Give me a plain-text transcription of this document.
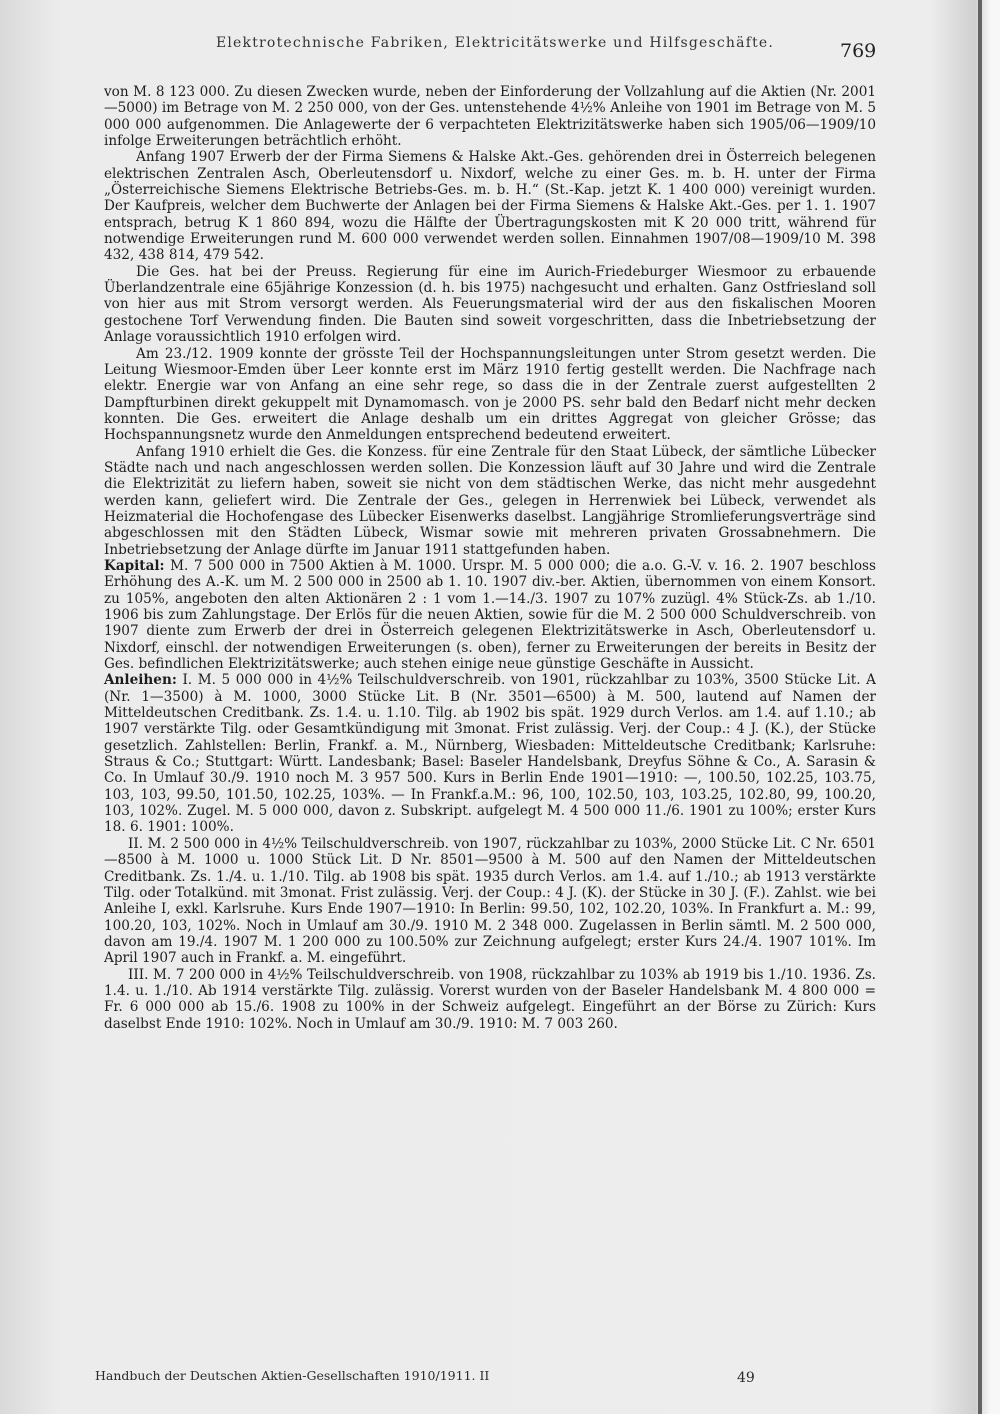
Elektrotechnische Fabriken, Elektricitätswerke und Hilfsgeschäfte.	769

von M. 8 123 000. Zu diesen Zwecken wurde, neben der Einforderung der Vollzahlung auf die Aktien (Nr. 2001—5000) im Betrage von M. 2 250 000, von der Ges. untenstehende 4½% Anleihe von 1901 im Betrage von M. 5 000 000 aufgenommen. Die Anlagewerte der 6 verpachteten Elektrizitätswerke haben sich 1905/06—1909/10 infolge Erweiterungen beträchtlich erhöht.

Anfang 1907 Erwerb der der Firma Siemens & Halske Akt.-Ges. gehörenden drei in Österreich belegenen elektrischen Zentralen Asch, Oberleutensdorf u. Nixdorf, welche zu einer Ges. m. b. H. unter der Firma „Österreichische Siemens Elektrische Betriebs-Ges. m. b. H.“ (St.-Kap. jetzt K. 1 400 000) vereinigt wurden. Der Kaufpreis, welcher dem Buchwerte der Anlagen bei der Firma Siemens & Halske Akt.-Ges. per 1. 1. 1907 entsprach, betrug K 1 860 894, wozu die Hälfte der Übertragungskosten mit K 20 000 tritt, während für notwendige Erweiterungen rund M. 600 000 verwendet werden sollen. Einnahmen 1907/08—1909/10 M. 398 432, 438 814, 479 542.

Die Ges. hat bei der Preuss. Regierung für eine im Aurich-Friedeburger Wiesmoor zu erbauende Überlandzentrale eine 65jährige Konzession (d. h. bis 1975) nachgesucht und erhalten. Ganz Ostfriesland soll von hier aus mit Strom versorgt werden. Als Feuerungsmaterial wird der aus den fiskalischen Mooren gestochene Torf Verwendung finden. Die Bauten sind soweit vorgeschritten, dass die Inbetriebsetzung der Anlage voraussichtlich 1910 erfolgen wird.

Am 23./12. 1909 konnte der grösste Teil der Hochspannungsleitungen unter Strom gesetzt werden. Die Leitung Wiesmoor-Emden über Leer konnte erst im März 1910 fertig gestellt werden. Die Nachfrage nach elektr. Energie war von Anfang an eine sehr rege, so dass die in der Zentrale zuerst aufgestellten 2 Dampfturbinen direkt gekuppelt mit Dynamomasch. von je 2000 PS. sehr bald den Bedarf nicht mehr decken konnten. Die Ges. erweitert die Anlage deshalb um ein drittes Aggregat von gleicher Grösse; das Hochspannungsnetz wurde den Anmeldungen entsprechend bedeutend erweitert.

Anfang 1910 erhielt die Ges. die Konzess. für eine Zentrale für den Staat Lübeck, der sämtliche Lübecker Städte nach und nach angeschlossen werden sollen. Die Konzession läuft auf 30 Jahre und wird die Zentrale die Elektrizität zu liefern haben, soweit sie nicht von dem städtischen Werke, das nicht mehr ausgedehnt werden kann, geliefert wird. Die Zentrale der Ges., gelegen in Herrenwiek bei Lübeck, verwendet als Heizmaterial die Hochofengase des Lübecker Eisenwerks daselbst. Langjährige Stromlieferungsverträge sind abgeschlossen mit den Städten Lübeck, Wismar sowie mit mehreren privaten Grossabnehmern. Die Inbetriebsetzung der Anlage dürfte im Januar 1911 stattgefunden haben.

Kapital: M. 7 500 000 in 7500 Aktien à M. 1000. Urspr. M. 5 000 000; die a.o. G.-V. v. 16. 2. 1907 beschloss Erhöhung des A.-K. um M. 2 500 000 in 2500 ab 1. 10. 1907 div.-ber. Aktien, übernommen von einem Konsort. zu 105%, angeboten den alten Aktionären 2 : 1 vom 1.—14./3. 1907 zu 107% zuzügl. 4% Stück-Zs. ab 1./10. 1906 bis zum Zahlungstage. Der Erlös für die neuen Aktien, sowie für die M. 2 500 000 Schuldverschreib. von 1907 diente zum Erwerb der drei in Österreich gelegenen Elektrizitätswerke in Asch, Oberleutensdorf u. Nixdorf, einschl. der notwendigen Erweiterungen (s. oben), ferner zu Erweiterungen der bereits in Besitz der Ges. befindlichen Elektrizitätswerke; auch stehen einige neue günstige Geschäfte in Aussicht.

Anleihen: I. M. 5 000 000 in 4½% Teilschuldverschreib. von 1901, rückzahlbar zu 103%, 3500 Stücke Lit. A (Nr. 1—3500) à M. 1000, 3000 Stücke Lit. B (Nr. 3501—6500) à M. 500, lautend auf Namen der Mitteldeutschen Creditbank. Zs. 1.4. u. 1.10. Tilg. ab 1902 bis spät. 1929 durch Verlos. am 1.4. auf 1.10.; ab 1907 verstärkte Tilg. oder Gesamtkündigung mit 3monat. Frist zulässig. Verj. der Coup.: 4 J. (K.), der Stücke gesetzlich. Zahlstellen: Berlin, Frankf. a. M., Nürnberg, Wiesbaden: Mitteldeutsche Creditbank; Karlsruhe: Straus & Co.; Stuttgart: Württ. Landesbank; Basel: Baseler Handelsbank, Dreyfus Söhne & Co., A. Sarasin & Co. In Umlauf 30./9. 1910 noch M. 3 957 500. Kurs in Berlin Ende 1901—1910: —, 100.50, 102.25, 103.75, 103, 103, 99.50, 101.50, 102.25, 103%. — In Frankf.a.M.: 96, 100, 102.50, 103, 103.25, 102.80, 99, 100.20, 103, 102%. Zugel. M. 5 000 000, davon z. Subskript. aufgelegt M. 4 500 000 11./6. 1901 zu 100%; erster Kurs 18. 6. 1901: 100%.

II. M. 2 500 000 in 4½% Teilschuldverschreib. von 1907, rückzahlbar zu 103%, 2000 Stücke Lit. C Nr. 6501—8500 à M. 1000 u. 1000 Stück Lit. D Nr. 8501—9500 à M. 500 auf den Namen der Mitteldeutschen Creditbank. Zs. 1./4. u. 1./10. Tilg. ab 1908 bis spät. 1935 durch Verlos. am 1.4. auf 1./10.; ab 1913 verstärkte Tilg. oder Totalkünd. mit 3monat. Frist zulässig. Verj. der Coup.: 4 J. (K). der Stücke in 30 J. (F.). Zahlst. wie bei Anleihe I, exkl. Karlsruhe. Kurs Ende 1907—1910: In Berlin: 99.50, 102, 102.20, 103%. In Frankfurt a. M.: 99, 100.20, 103, 102%. Noch in Umlauf am 30./9. 1910 M. 2 348 000. Zugelassen in Berlin sämtl. M. 2 500 000, davon am 19./4. 1907 M. 1 200 000 zu 100.50% zur Zeichnung aufgelegt; erster Kurs 24./4. 1907 101%. Im April 1907 auch in Frankf. a. M. eingeführt.

III. M. 7 200 000 in 4½% Teilschuldverschreib. von 1908, rückzahlbar zu 103% ab 1919 bis 1./10. 1936. Zs. 1.4. u. 1./10. Ab 1914 verstärkte Tilg. zulässig. Vorerst wurden von der Baseler Handelsbank M. 4 800 000 = Fr. 6 000 000 ab 15./6. 1908 zu 100% in der Schweiz aufgelegt. Eingeführt an der Börse zu Zürich: Kurs daselbst Ende 1910: 102%. Noch in Umlauf am 30./9. 1910: M. 7 003 260.

Handbuch der Deutschen Aktien-Gesellschaften 1910/1911. II	49
